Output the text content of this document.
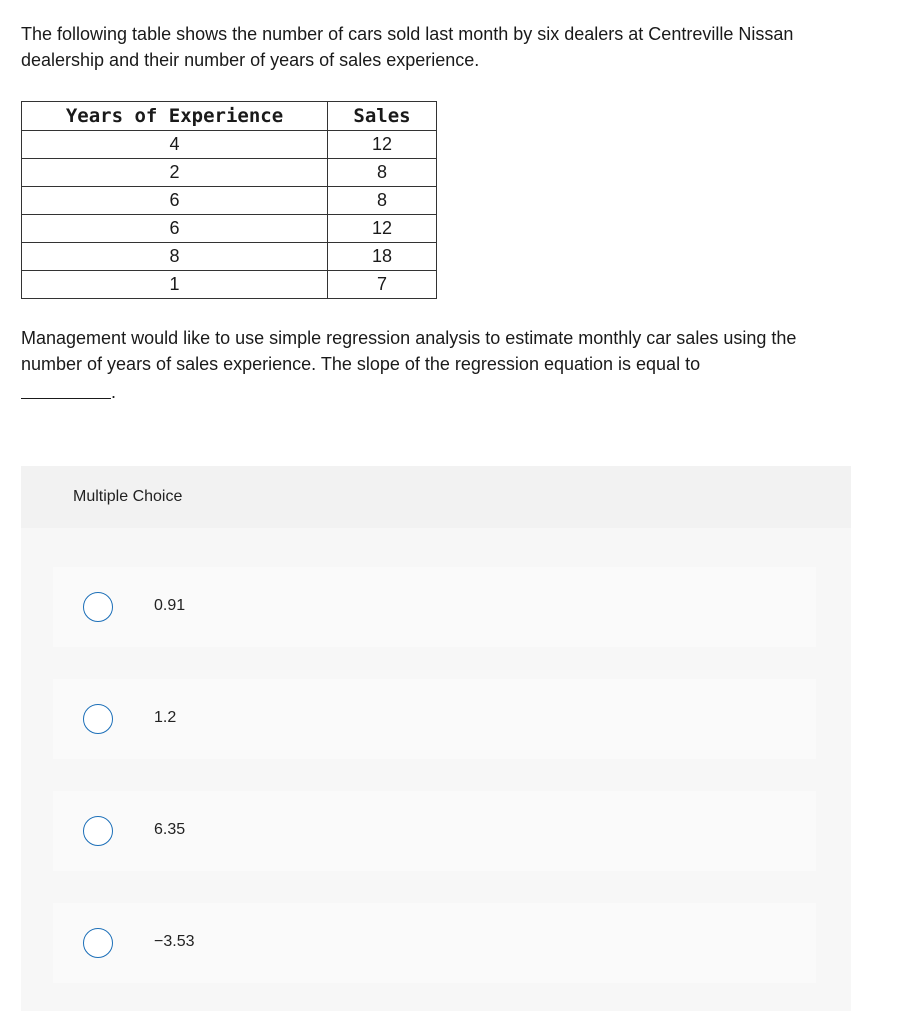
The following table shows the number of cars sold last month by six dealers at Centreville Nissan dealership and their number of years of sales experience.

Years of Experience	Sales
4	12
2	8
6	8
6	12
8	18
1	7

Management would like to use simple regression analysis to estimate monthly car sales using the number of years of sales experience. The slope of the regression equation is equal to

.
Multiple Choice
0.91
1.2
6.35
−3.53
